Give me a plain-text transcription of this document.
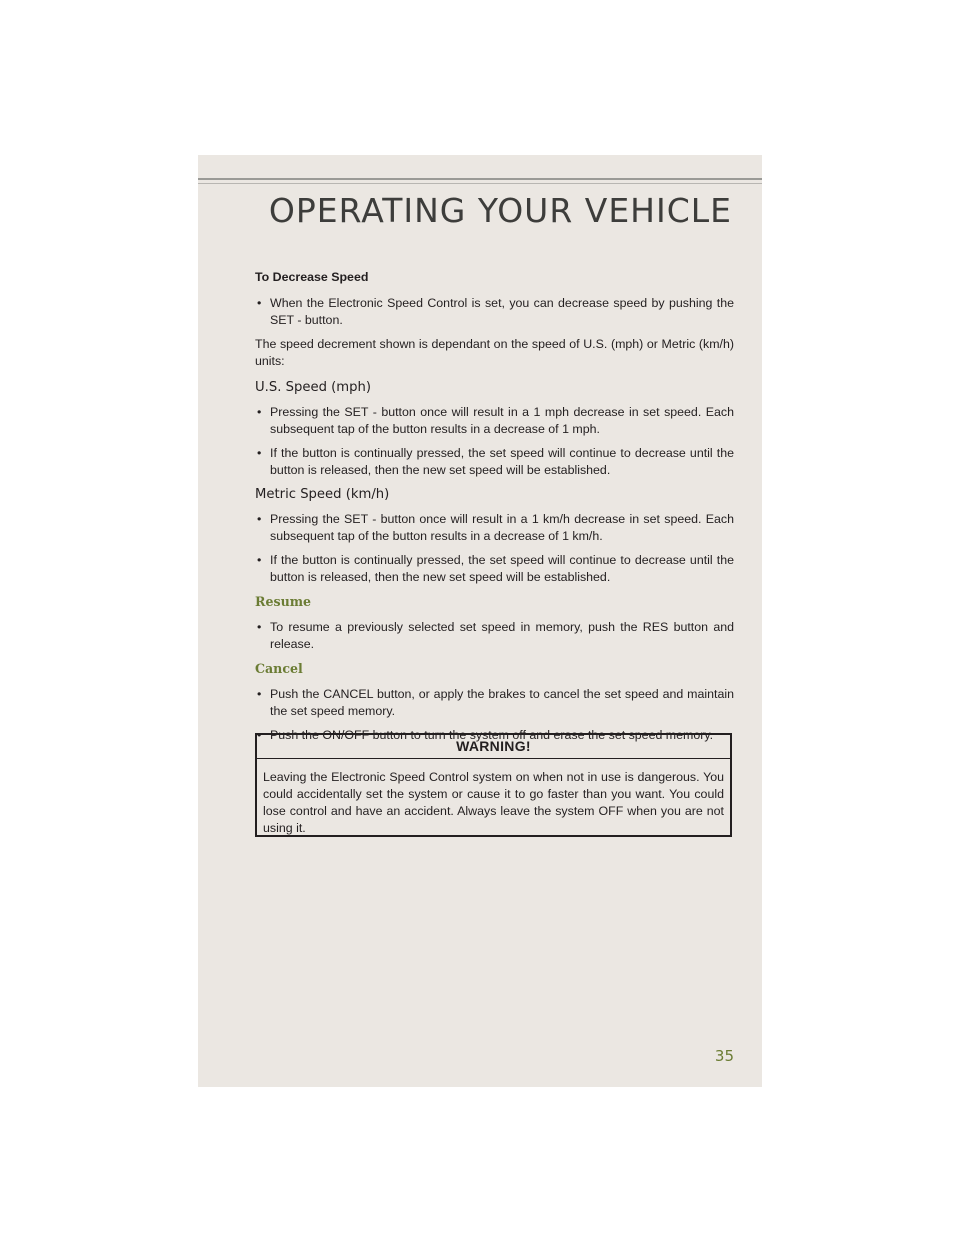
OPERATING YOUR VEHICLE
To Decrease Speed
• When the Electronic Speed Control is set, you can decrease speed by pushing the SET - button.
The speed decrement shown is dependant on the speed of U.S. (mph) or Metric (km/h) units:
U.S. Speed (mph)
• Pressing the SET - button once will result in a 1 mph decrease in set speed. Each subsequent tap of the button results in a decrease of 1 mph.
• If the button is continually pressed, the set speed will continue to decrease until the button is released, then the new set speed will be established.
Metric Speed (km/h)
• Pressing the SET - button once will result in a 1 km/h decrease in set speed. Each subsequent tap of the button results in a decrease of 1 km/h.
• If the button is continually pressed, the set speed will continue to decrease until the button is released, then the new set speed will be established.
Resume
• To resume a previously selected set speed in memory, push the RES button and release.
Cancel
• Push the CANCEL button, or apply the brakes to cancel the set speed and maintain the set speed memory.
• Push the ON/OFF button to turn the system off and erase the set speed memory.
WARNING!
Leaving the Electronic Speed Control system on when not in use is dangerous. You could accidentally set the system or cause it to go faster than you want. You could lose control and have an accident. Always leave the system OFF when you are not using it.
35
